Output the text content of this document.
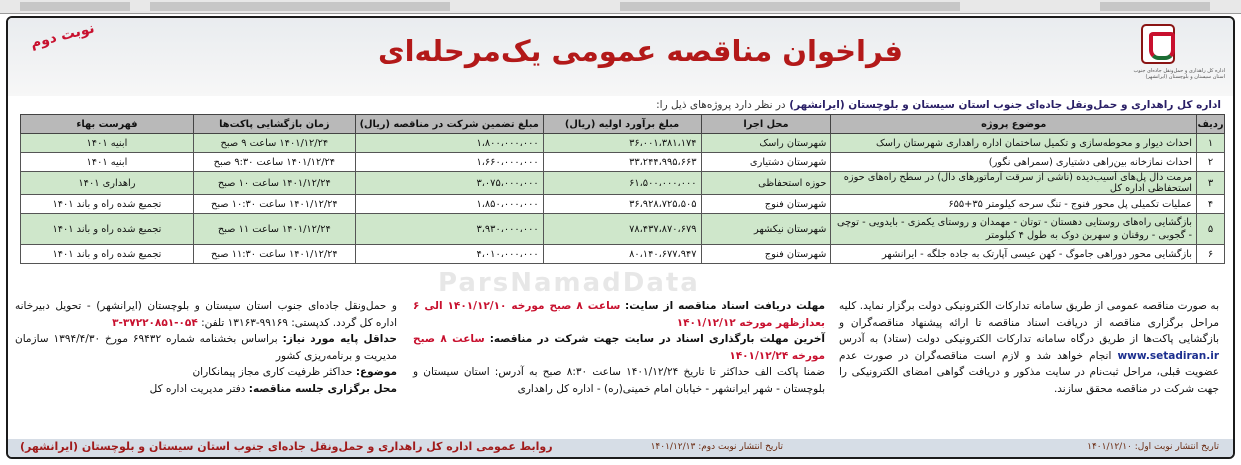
نوبت دوم	فراخوان مناقصه عمومی یک‌مرحله‌ای
اداره کل راهداری و حمل‌ونقل جاده‌ای جنوب استان سیستان و بلوچستان (ایرانشهر)
ParsNamadData
اداره کل راهداری و حمل‌ونقل جاده‌ای جنوب استان سیستان و بلوچستان (ایرانشهر) در نظر دارد پروژه‌های ذیل را:
ردیف	موضوع پروژه	محل اجرا	مبلغ برآورد اولیه (ریال)	مبلغ تضمین شرکت در مناقصه (ریال)	زمان بازگشایی پاکت‌ها	فهرست بهاء
۱	احداث دیوار و محوطه‌سازی و تکمیل ساختمان اداره راهداری شهرستان راسک	شهرستان راسک	۳۶،۰۰۱،۳۸۱،۱۷۴	۱،۸۰۰،۰۰۰،۰۰۰	۱۴۰۱/۱۲/۲۴ ساعت ۹ صبح	ابنیه ۱۴۰۱
۲	احداث نمازخانه بین‌راهی دشتیاری (سمراهی نگور)	شهرستان دشتیاری	۳۳،۲۴۴،۹۹۵،۶۶۳	۱،۶۶۰،۰۰۰،۰۰۰	۱۴۰۱/۱۲/۲۴ ساعت ۹:۳۰ صبح	ابنیه ۱۴۰۱
۳	مرمت دال پل‌های آسیب‌دیده (ناشی از سرقت آرماتورهای دال) در سطح راه‌های حوزه استحفاظی اداره کل	حوزه استحفاظی	۶۱،۵۰۰،۰۰۰،۰۰۰	۳،۰۷۵،۰۰۰،۰۰۰	۱۴۰۱/۱۲/۲۴ ساعت ۱۰ صبح	راهداری ۱۴۰۱
۴	عملیات تکمیلی پل محور فنوج - تنگ سرحه کیلومتر ۳۵+۶۵۵	شهرستان فنوج	۳۶،۹۲۸،۷۲۵،۵۰۵	۱،۸۵۰،۰۰۰،۰۰۰	۱۴۰۱/۱۲/۲۴ ساعت ۱۰:۳۰ صبح	تجمیع شده راه و باند ۱۴۰۱
۵	بازگشایی راه‌های روستایی دهستان - توتان - مهمدان و روستای یکمزی - بایدویی - توچی - گجوبی - روقنان و سهربن دوک به طول ۴ کیلومتر	شهرستان نیکشهر	۷۸،۴۳۷،۸۷۰،۶۷۹	۳،۹۳۰،۰۰۰،۰۰۰	۱۴۰۱/۱۲/۲۴ ساعت ۱۱ صبح	تجمیع شده راه و باند ۱۴۰۱
۶	بازگشایی محور دوراهی جاموگ - کهن عیسی آپارتک به جاده جلگه - ایرانشهر	شهرستان فنوج	۸۰،۱۴۰،۶۷۷،۹۴۷	۴،۰۱۰،۰۰۰،۰۰۰	۱۴۰۱/۱۲/۲۴ ساعت ۱۱:۳۰ صبح	تجمیع شده راه و باند ۱۴۰۱
به صورت مناقصه عمومی از طریق سامانه تدارکات الکترونیکی دولت برگزار نماید. کلیه مراحل برگزاری مناقصه از دریافت اسناد مناقصه تا ارائه پیشنهاد مناقصه‌گران و بازگشایی پاکت‌ها از طریق درگاه سامانه تدارکات الکترونیکی دولت (ستاد) به آدرس www.setadiran.ir انجام خواهد شد و لازم است مناقصه‌گران در صورت عدم عضویت قبلی، مراحل ثبت‌نام در سایت مذکور و دریافت گواهی امضای الکترونیکی را جهت شرکت در مناقصه محقق سازند.
مهلت دریافت اسناد مناقصه از سایت: ساعت ۸ صبح مورخه ۱۴۰۱/۱۲/۱۰ الی ۶ بعدازظهر مورخه ۱۴۰۱/۱۲/۱۲
آخرین مهلت بارگذاری اسناد در سایت جهت شرکت در مناقصه: ساعت ۸ صبح مورخه ۱۴۰۱/۱۲/۲۴
ضمنا پاکت الف حداکثر تا تاریخ ۱۴۰۱/۱۲/۲۴ ساعت ۸:۳۰ صبح به آدرس: استان سیستان و بلوچستان - شهر ایرانشهر - خیابان امام خمینی(ره) - اداره کل راهداری
و حمل‌ونقل جاده‌ای جنوب استان سیستان و بلوچستان (ایرانشهر) - تحویل دبیرخانه اداره کل گردد. کدپستی: ۹۹۱۶۹-۱۳۱۶۳ تلفن: ۰۵۴-۳۷۲۲۰۸۵۱-۳
حداقل پایه مورد نیاز: براساس بخشنامه شماره ۶۹۴۳۲ مورخ ۱۳۹۴/۴/۳۰ سازمان مدیریت و برنامه‌ریزی کشور
موضوع: حداکثر ظرفیت کاری مجاز پیمانکاران
محل برگزاری جلسه مناقصه: دفتر مدیریت اداره کل
تاریخ انتشار نوبت اول: ۱۴۰۱/۱۲/۱۰
تاریخ انتشار نوبت دوم: ۱۴۰۱/۱۲/۱۳
روابط عمومی اداره کل راهداری و حمل‌ونقل جاده‌ای جنوب استان سیستان و بلوچستان (ایرانشهر)
